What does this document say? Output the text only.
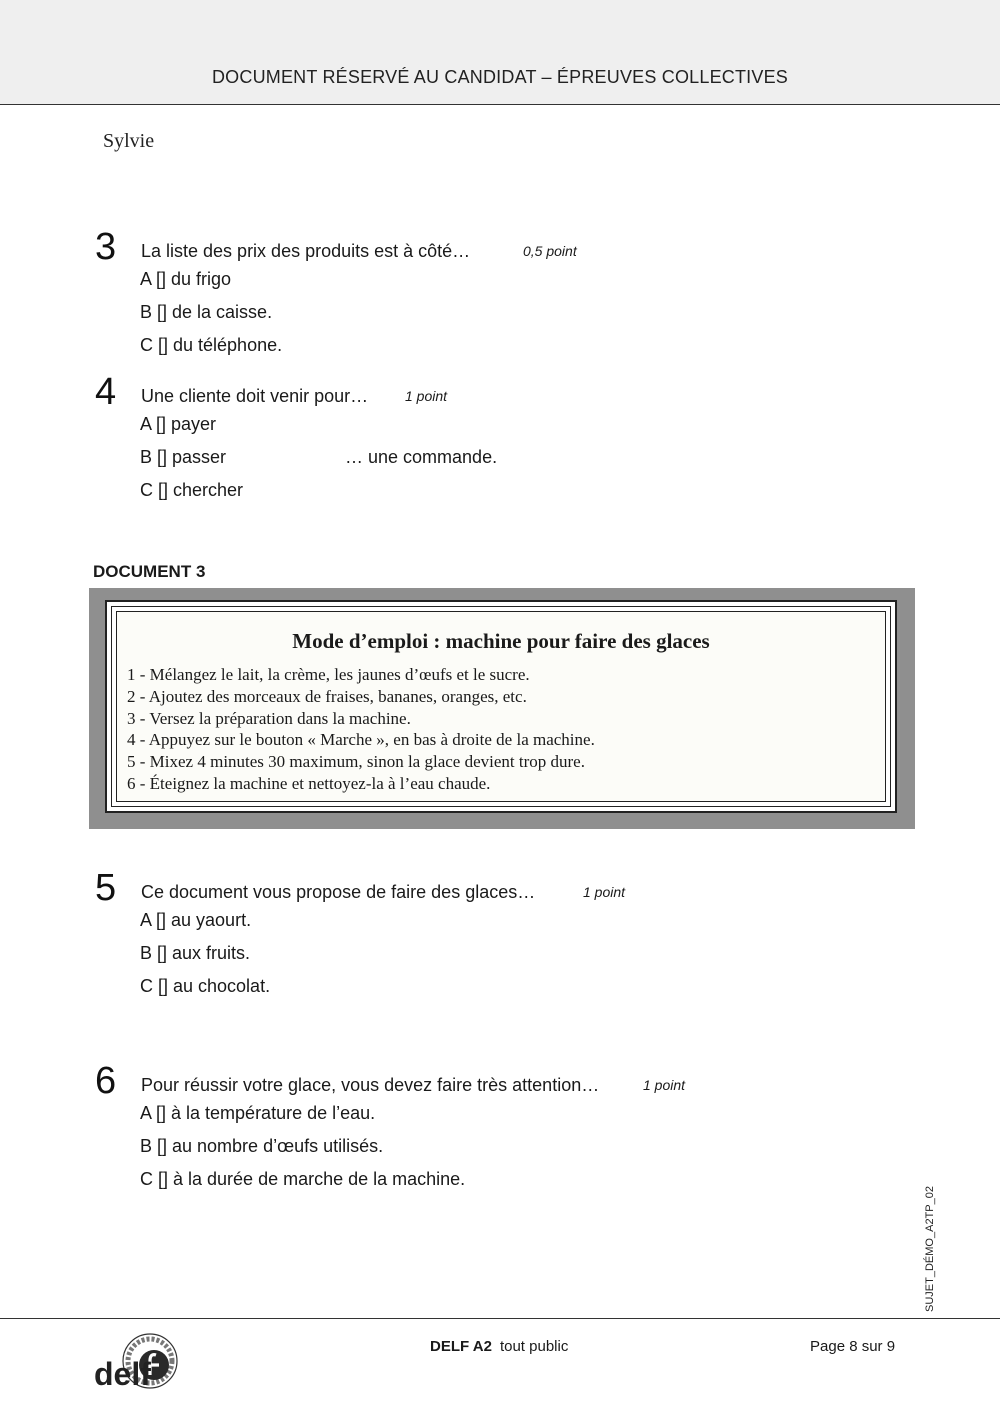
DOCUMENT RÉSERVÉ AU CANDIDAT – ÉPREUVES COLLECTIVES
Sylvie
3 La liste des prix des produits est à côté…	0,5 point
A [] du frigo
B [] de la caisse.
C [] du téléphone.
4 Une cliente doit venir pour…	1 point
A [] payer
B [] passer	… une commande.
C [] chercher
DOCUMENT 3
Mode d’emploi : machine pour faire des glaces
1 - Mélangez le lait, la crème, les jaunes d’œufs et le sucre.
2 - Ajoutez des morceaux de fraises, bananes, oranges, etc.
3 - Versez la préparation dans la machine.
4 - Appuyez sur le bouton « Marche », en bas à droite de la machine.
5 - Mixez 4 minutes 30 maximum, sinon la glace devient trop dure.
6 - Éteignez la machine et nettoyez-la à l’eau chaude.
5 Ce document vous propose de faire des glaces…	1 point
A [] au yaourt.
B [] aux fruits.
C [] au chocolat.
6 Pour réussir votre glace, vous devez faire très attention…	1 point
A [] à la température de l’eau.
B [] au nombre d’œufs utilisés.
C [] à la durée de marche de la machine.
SUJET_DÉMO_A2TP_02
delf
DELF A2 tout public	Page 8 sur 9
